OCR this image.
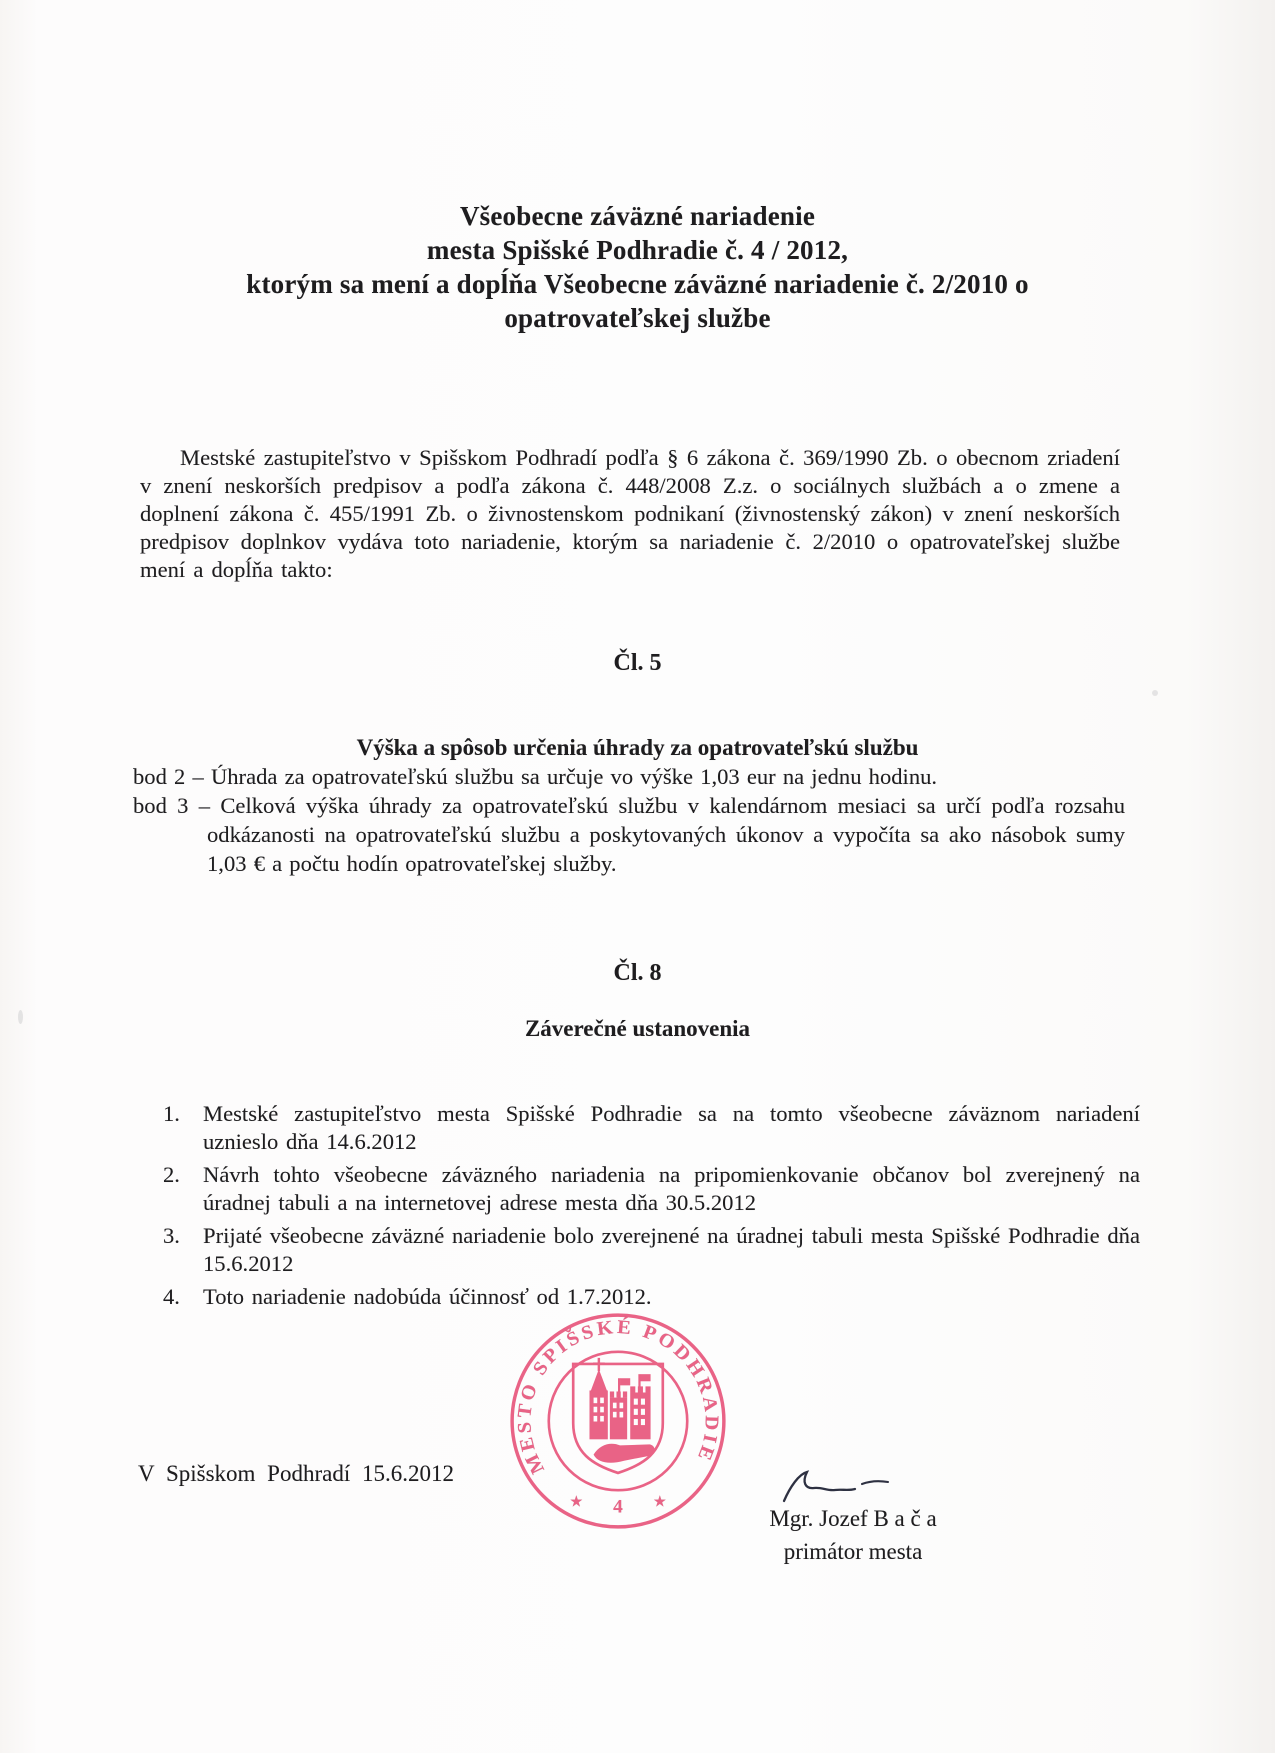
Všeobecne záväzné nariadenie
mesta Spišské Podhradie č. 4 / 2012,
ktorým sa mení a dopĺňa Všeobecne záväzné nariadenie č. 2/2010 o
opatrovateľskej službe

Mestské zastupiteľstvo v Spišskom Podhradí podľa § 6 zákona č. 369/1990 Zb. o obecnom zriadení v znení neskorších predpisov a podľa zákona č. 448/2008 Z.z. o sociálnych službách a o zmene a doplnení zákona č. 455/1991 Zb. o živnostenskom podnikaní (živnostenský zákon) v znení neskorších predpisov doplnkov vydáva toto nariadenie, ktorým sa nariadenie č. 2/2010 o opatrovateľskej službe mení a dopĺňa takto:

Čl. 5
Výška a spôsob určenia úhrady za opatrovateľskú službu

bod 2 – Úhrada za opatrovateľskú službu sa určuje vo výške 1,03 eur na jednu hodinu.

bod 3 – Celková výška úhrady za opatrovateľskú službu v kalendárnom mesiaci sa určí podľa rozsahu odkázanosti na opatrovateľskú službu a poskytovaných úkonov a vypočíta sa ako násobok sumy 1,03 € a počtu hodín opatrovateľskej služby.

Čl. 8
Záverečné ustanovenia
1. Mestské zastupiteľstvo mesta Spišské Podhradie sa na tomto všeobecne záväznom nariadení uznieslo dňa 14.6.2012
2. Návrh tohto všeobecne záväzného nariadenia na pripomienkovanie občanov bol zverejnený na úradnej tabuli a na internetovej adrese mesta dňa 30.5.2012
3. Prijaté všeobecne záväzné nariadenie bolo zverejnené na úradnej tabuli mesta Spišské Podhradie dňa 15.6.2012
4. Toto nariadenie nadobúda účinnosť od 1.7.2012.
MESTO SPIŠSKÉ PODHRADIE
★ 4 ★

V Spišskom Podhradí 15.6.2012

Mgr. Jozef B a č a
primátor mesta
